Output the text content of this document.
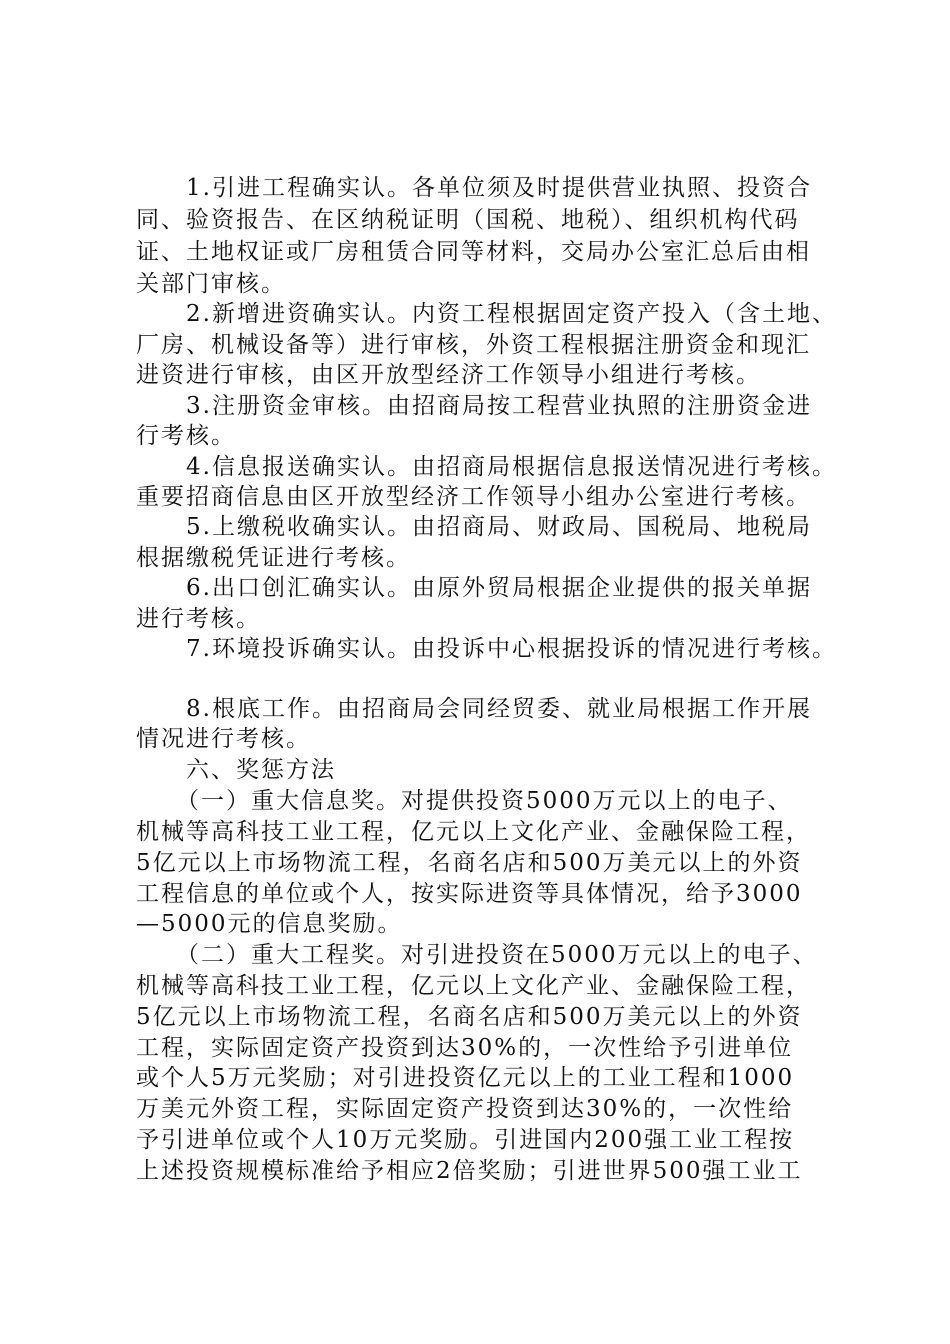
1.引进工程确实认。各单位须及时提供营业执照、投资合

同、验资报告、在区纳税证明（国税、地税）、组织机构代码

证、土地权证或厂房租赁合同等材料，交局办公室汇总后由相

关部门审核。

2.新增进资确实认。内资工程根据固定资产投入（含土地、

厂房、机械设备等）进行审核，外资工程根据注册资金和现汇

进资进行审核，由区开放型经济工作领导小组进行考核。

3.注册资金审核。由招商局按工程营业执照的注册资金进

行考核。

4.信息报送确实认。由招商局根据信息报送情况进行考核。

重要招商信息由区开放型经济工作领导小组办公室进行考核。

5.上缴税收确实认。由招商局、财政局、国税局、地税局

根据缴税凭证进行考核。

6.出口创汇确实认。由原外贸局根据企业提供的报关单据

进行考核。

7.环境投诉确实认。由投诉中心根据投诉的情况进行考核。

8.根底工作。由招商局会同经贸委、就业局根据工作开展

情况进行考核。

六、奖惩方法

（一）重大信息奖。对提供投资5000万元以上的电子、

机械等高科技工业工程，亿元以上文化产业、金融保险工程，

5亿元以上市场物流工程，名商名店和500万美元以上的外资

工程信息的单位或个人，按实际进资等具体情况，给予3000

—5000元的信息奖励。

（二）重大工程奖。对引进投资在5000万元以上的电子、

机械等高科技工业工程，亿元以上文化产业、金融保险工程，

5亿元以上市场物流工程，名商名店和500万美元以上的外资

工程，实际固定资产投资到达30%的，一次性给予引进单位

或个人5万元奖励；对引进投资亿元以上的工业工程和1000

万美元外资工程，实际固定资产投资到达30%的，一次性给

予引进单位或个人10万元奖励。引进国内200强工业工程按

上述投资规模标准给予相应2倍奖励；引进世界500强工业工
